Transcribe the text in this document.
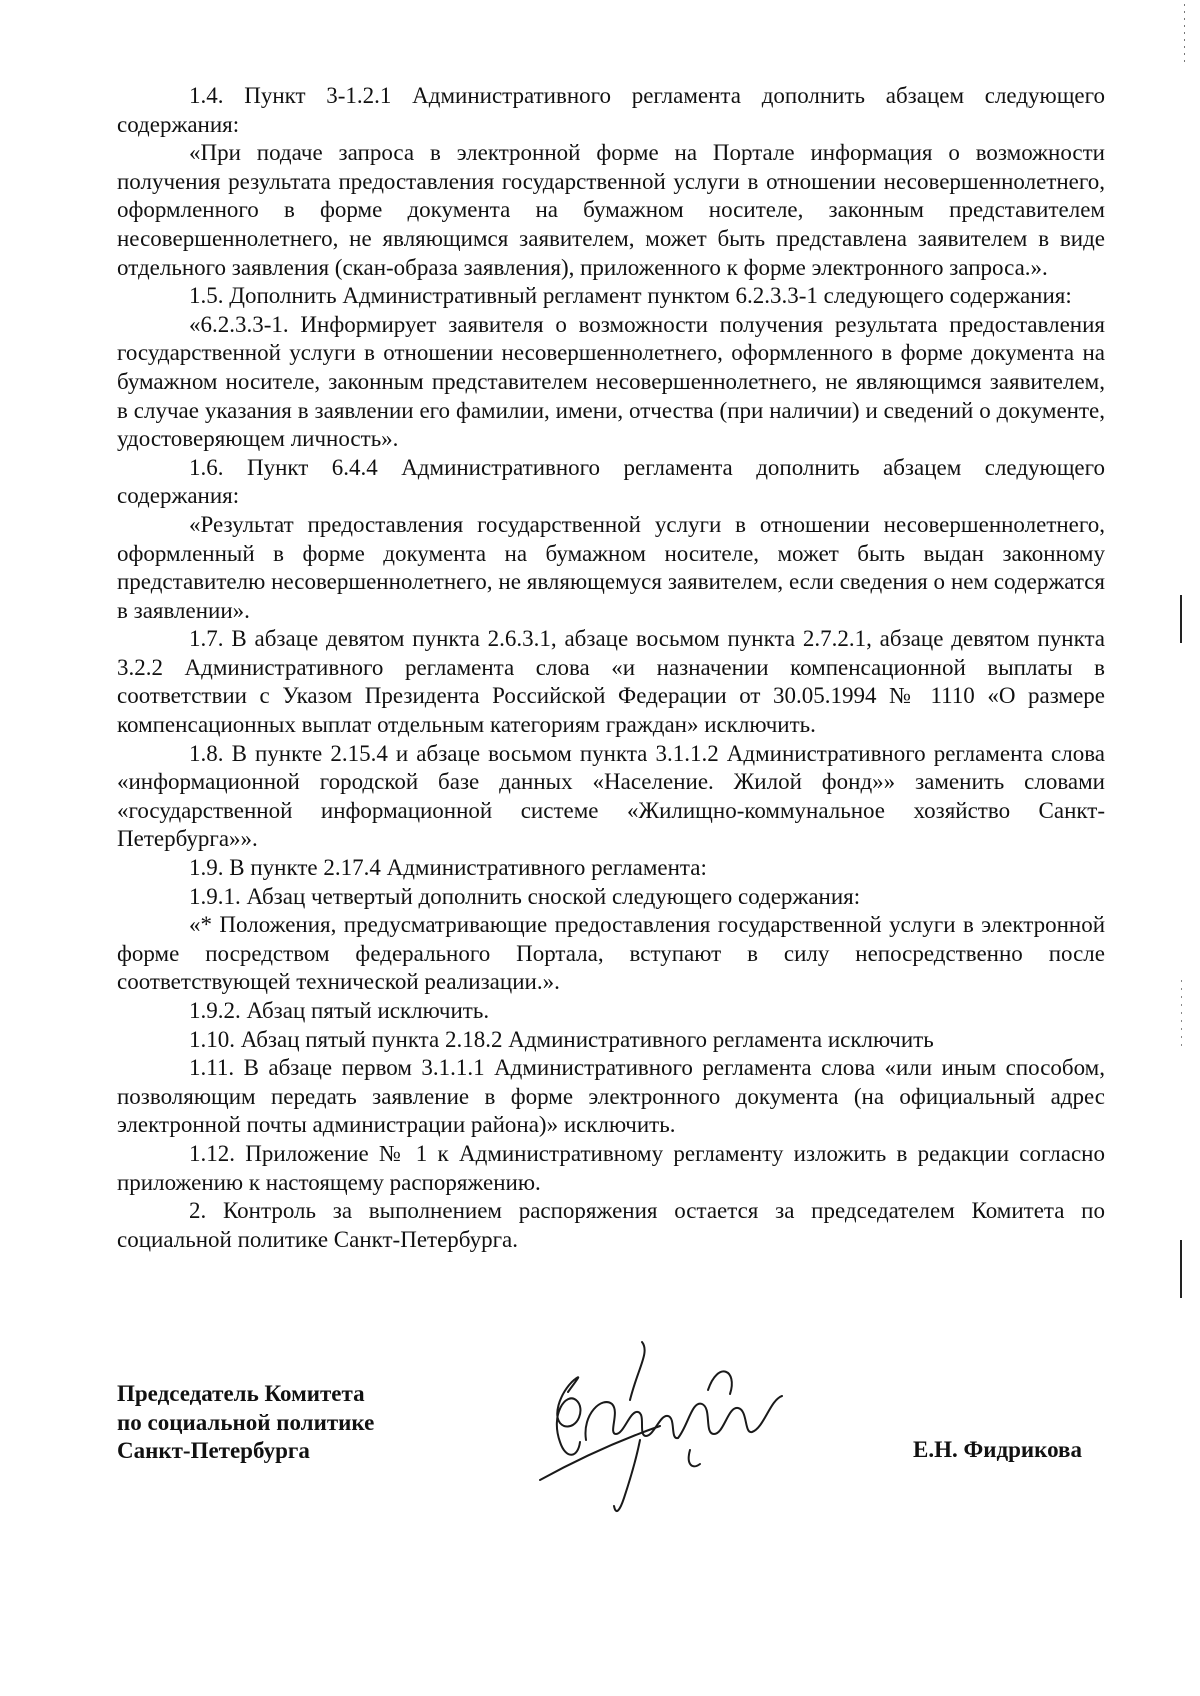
1.4. Пункт 3-1.2.1 Административного регламента дополнить абзацем следующего содержания:

«При подаче запроса в электронной форме на Портале информация о возможности получения результата предоставления государственной услуги в отношении несовершеннолетнего, оформленного в форме документа на бумажном носителе, законным представителем несовершеннолетнего, не являющимся заявителем, может быть представлена заявителем в виде отдельного заявления (скан-образа заявления), приложенного к форме электронного запроса.».

1.5. Дополнить Административный регламент пунктом 6.2.3.3-1 следующего содержания:

«6.2.3.3-1. Информирует заявителя о возможности получения результата предоставления государственной услуги в отношении несовершеннолетнего, оформленного в форме документа на бумажном носителе, законным представителем несовершеннолетнего, не являющимся заявителем, в случае указания в заявлении его фамилии, имени, отчества (при наличии) и сведений о документе, удостоверяющем личность».

1.6. Пункт 6.4.4 Административного регламента дополнить абзацем следующего содержания:

«Результат предоставления государственной услуги в отношении несовершеннолетнего, оформленный в форме документа на бумажном носителе, может быть выдан законному представителю несовершеннолетнего, не являющемуся заявителем, если сведения о нем содержатся в заявлении».

1.7. В абзаце девятом пункта 2.6.3.1, абзаце восьмом пункта 2.7.2.1, абзаце девятом пункта 3.2.2 Административного регламента слова «и назначении компенсационной выплаты в соответствии с Указом Президента Российской Федерации от 30.05.1994 № 1110 «О размере компенсационных выплат отдельным категориям граждан» исключить.

1.8. В пункте 2.15.4 и абзаце восьмом пункта 3.1.1.2 Административного регламента слова «информационной городской базе данных «Население. Жилой фонд»» заменить словами «государственной информационной системе «Жилищно-коммунальное хозяйство Санкт-Петербурга»».

1.9. В пункте 2.17.4 Административного регламента:

1.9.1. Абзац четвертый дополнить сноской следующего содержания:

«* Положения, предусматривающие предоставления государственной услуги в электронной форме посредством федерального Портала, вступают в силу непосредственно после соответствующей технической реализации.».

1.9.2. Абзац пятый исключить.

1.10. Абзац пятый пункта 2.18.2 Административного регламента исключить

1.11. В абзаце первом 3.1.1.1 Административного регламента слова «или иным способом, позволяющим передать заявление в форме электронного документа (на официальный адрес электронной почты администрации района)» исключить.

1.12. Приложение № 1 к Административному регламенту изложить в редакции согласно приложению к настоящему распоряжению.

2. Контроль за выполнением распоряжения остается за председателем Комитета по социальной политике Санкт-Петербурга.

Председатель Комитета
по социальной политике
Санкт-Петербурга	Е.Н. Фидрикова
